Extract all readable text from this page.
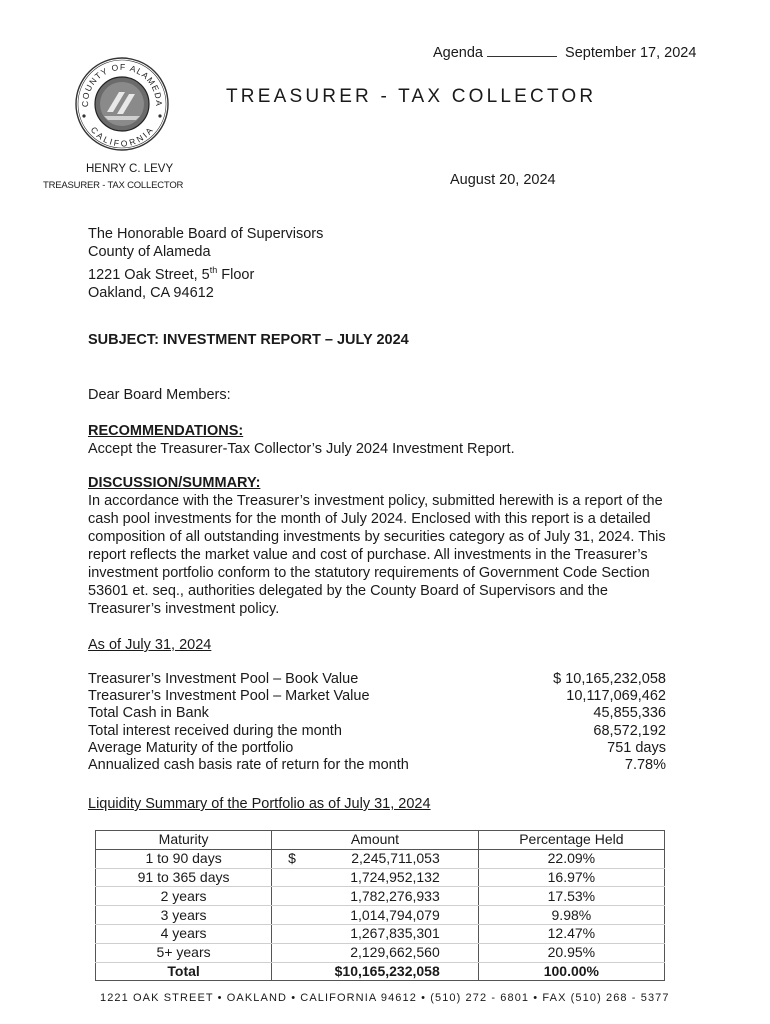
Agenda	September 17, 2024
COUNTY OF ALAMEDA
CALIFORNIA
TREASURER - TAX COLLECTOR
HENRY C. LEVY
TREASURER - TAX COLLECTOR	August 20, 2024
The Honorable Board of Supervisors
County of Alameda
1221 Oak Street, 5th Floor
Oakland, CA 94612
SUBJECT: INVESTMENT REPORT – JULY 2024
Dear Board Members:
RECOMMENDATIONS:
Accept the Treasurer-Tax Collector’s July 2024 Investment Report.
DISCUSSION/SUMMARY:
In accordance with the Treasurer’s investment policy, submitted herewith is a report of the cash pool investments for the month of July 2024. Enclosed with this report is a detailed composition of all outstanding investments by securities category as of July 31, 2024. This report reflects the market value and cost of purchase. All investments in the Treasurer’s investment portfolio conform to the statutory requirements of Government Code Section 53601 et. seq., authorities delegated by the County Board of Supervisors and the Treasurer’s investment policy.
As of July 31, 2024
Treasurer’s Investment Pool – Book Value	$ 10,165,232,058
Treasurer’s Investment Pool – Market Value	10,117,069,462
Total Cash in Bank	45,855,336
Total interest received during the month	68,572,192
Average Maturity of the portfolio	751 days
Annualized cash basis rate of return for the month	7.78%
Liquidity Summary of the Portfolio as of July 31, 2024
Maturity	Amount	Percentage Held
1 to 90 days	$ 2,245,711,053	22.09%
91 to 365 days	1,724,952,132	16.97%
2 years	1,782,276,933	17.53%
3 years	1,014,794,079	9.98%
4 years	1,267,835,301	12.47%
5+ years	2,129,662,560	20.95%
Total	$10,165,232,058	100.00%
1221 OAK STREET • OAKLAND • CALIFORNIA 94612 • (510) 272 - 6801 • FAX (510) 268 - 5377
